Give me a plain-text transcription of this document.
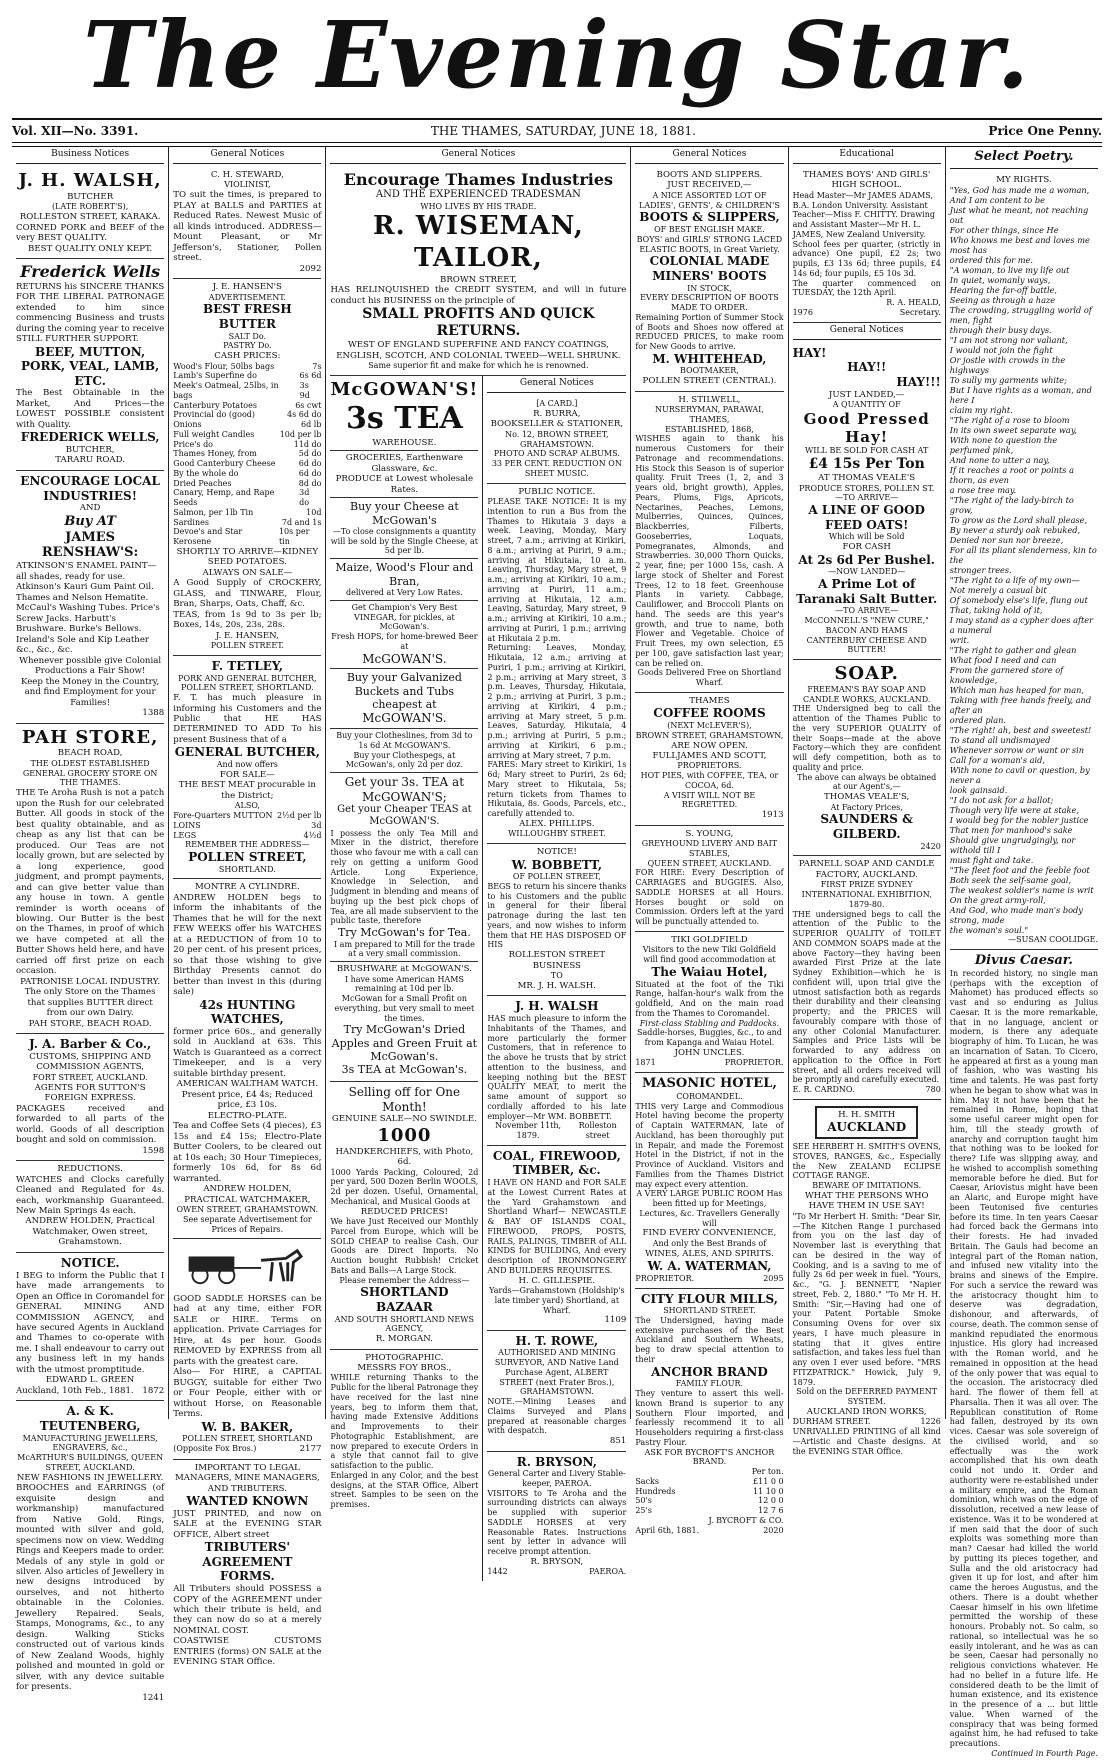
The Evening Star.
Vol. XII—No. 3391.	THE THAMES, SATURDAY, JUNE 18, 1881.	Price One Penny.
Business Notices
J. H. WALSH,
BUTCHER
(LATE ROBERT'S),
ROLLESTON STREET, KARAKA.
CORNED PORK and BEEF of the very BEST QUALITY.
BEST QUALITY ONLY KEPT.
Frederick Wells
RETURNS his SINCERE THANKS FOR THE LIBERAL PATRONAGE extended to him since commencing Business and trusts during the coming year to receive STILL FURTHER SUPPORT.
BEEF, MUTTON, PORK, VEAL, LAMB, ETC.
The Best Obtainable in the Market, And Prices—the LOWEST POSSIBLE consistent with Quality.
FREDERICK WELLS,
BUTCHER,
TARARU ROAD.
ENCOURAGE LOCAL INDUSTRIES!
AND
Buy AT
JAMES RENSHAW'S:
ATKINSON'S ENAMEL PAINT—all shades, ready for use. Atkinson's Kauri Gum Paint Oil. Thames and Nelson Hematite. McCaul's Washing Tubes. Price's Screw Jacks. Harbutt's Brushware. Burke's Bellows. Ireland's Sole and Kip Leather &c., &c., &c.
Whenever possible give Colonial Productions a Fair Show!
Keep the Money in the Country, and find Employment for your Families!
1388
PAH STORE,
BEACH ROAD,
THE OLDEST ESTABLISHED GENERAL GROCERY STORE ON THE THAMES.
THE Te Aroha Rush is not a patch upon the Rush for our celebrated Butter. All goods in stock of the best quality obtainable, and as cheap as any list that can be produced. Our Teas are not locally grown, but are selected by a long experience, good judgment, and prompt payments, and can give better value than any house in town. A gentle reminder is worth oceans of blowing. Our Butter is the best on the Thames, in proof of which we have competed at all the Butter Shows held here, and have carried off first prize on each occasion.
PATRONISE LOCAL INDUSTRY.
The only Store on the Thames that supplies BUTTER direct from our own Dairy.
PAH STORE, BEACH ROAD.
J. A. Barber & Co.,
CUSTOMS, SHIPPING AND COMMISSION AGENTS,
FORT STREET, AUCKLAND.
AGENTS FOR SUTTON'S FOREIGN EXPRESS.
PACKAGES received and forwarded to all parts of the world. Goods of all description bought and sold on commission.
1598
REDUCTIONS.
WATCHES and Clocks carefully Cleaned and Regulated for 4s. each, workmanship Guaranteed. New Main Springs 4s each.
ANDREW HOLDEN, Practical Watchmaker, Owen street, Grahamstown.
NOTICE.
I BEG to inform the Public that I have made arrangements to Open an Office in Coromandel for GENERAL MINING AND COMMISSION AGENCY, and have secured Agents in Auckland and Thames to co-operate with me. I shall endeavour to carry out any business left in my hands with the utmost promptitude.
EDWARD L. GREEN
Auckland, 10th Feb., 1881. 1872
A. & K. TEUTENBERG,
MANUFACTURING JEWELLERS, ENGRAVERS, &c.,
McARTHUR'S BUILDINGS, QUEEN STREET, AUCKLAND.
NEW FASHIONS IN JEWELLERY.
BROOCHES and EARRINGS (of exquisite design and workmanship) manufactured from Native Gold. Rings, mounted with silver and gold, specimens now on view. Wedding Rings and Keepers made to order. Medals of any style in gold or silver. Also articles of Jewellery in new designs introduced by ourselves, and not hitherto obtainable in the Colonies. Jewellery Repaired. Seals, Stamps, Monograms, &c., to any design. Walking Sticks constructed out of various kinds of New Zealand Woods, highly polished and mounted in gold or silver, with any device suitable for presents.
1241
General Notices
C. H. STEWARD,
VIOLINIST,
TO suit the times, is prepared to PLAY at BALLS and PARTIES at Reduced Rates. Newest Music of all kinds introduced. ADDRESS—Mount Pleasant, or Mr Jefferson's, Stationer, Pollen street.
2092
J. E. HANSEN'S
ADVERTISEMENT.
BEST FRESH BUTTER
SALT Do.
PASTRY Do.
CASH PRICES:
Wood's Flour, 50lbs bags	7s
Lamb's Superfine do	6s 6d
Meek's Oatmeal, 25lbs, in bags
3s 9d
Canterbury Potatoes	6s cwt
Provincial do (good)	4s 6d do
Onions	6d lb
Full weight Candles	10d per lb
Price's do	11d do
Thames Honey, from	5d do
Good Canterbury Cheese	6d do
By the whole do	6d do
Dried Peaches	8d do
Canary, Hemp, and Rape Seeds
3d do
Salmon, per 1lb Tin	10d
Sardines	7d and 1s
Devoe's and Star Kerosene
10s per tin
SHORTLY TO ARRIVE—KIDNEY SEED POTATOES.
ALWAYS ON SALE—
A Good Supply of CROCKERY, GLASS, and TINWARE, Flour, Bran, Sharps, Oats, Chaff, &c.
TEAS, from 1s 9d to 3s per lb; Boxes, 14s, 20s, 23s, 28s.
J. E. HANSEN,
POLLEN STREET.
F. TETLEY,
PORK AND GENERAL BUTCHER,
POLLEN STREET, SHORTLAND.
F. T. has much pleasure in informing his Customers and the Public that HE HAS DETERMINED TO ADD To his present Business that of a
GENERAL BUTCHER,
And now offers
FOR SALE—
THE BEST MEAT procurable in the District;
ALSO,
Fore-Quarters MUTTON 2½d per lb
LOINS	3d
LEGS	4½d
REMEMBER THE ADDRESS—
POLLEN STREET,
SHORTLAND.
MONTRE A CYLINDRE.
ANDREW HOLDEN begs to inform the inhabitants of the Thames that he will for the next FEW WEEKS offer his WATCHES at a REDUCTION of from 10 to 20 per cent. of his present prices, so that those wishing to give Birthday Presents cannot do better than invest in this (during sale)
42s HUNTING WATCHES,
former price 60s., and generally sold in Auckland at 63s. This Watch is Guaranteed as a correct Timekeeper, and is a very suitable birthday present.
AMERICAN WALTHAM WATCH.
Present price, £4 4s; Reduced price, £3 10s.
ELECTRO-PLATE.
Tea and Coffee Sets (4 pieces), £3 15s and £4 15s; Electro-Plate Butter Coolers, to be cleared out at 10s each; 30 Hour Timepieces, formerly 10s 6d, for 8s 6d warranted.
ANDREW HOLDEN,
PRACTICAL WATCHMAKER,
OWEN STREET, GRAHAMSTOWN.
See separate Advertisement for Prices of Repairs.
GOOD SADDLE HORSES can be had at any time, either FOR SALE or HIRE. Terms on application. Private Carriages for Hire, at 4s per hour. Goods REMOVED by EXPRESS from all parts with the greatest care.
Also— For HIRE, a CAPITAL BUGGY, suitable for either Two or Four People, either with or without Horse, on Reasonable Terms.
W. B. BAKER,
POLLEN STREET, SHORTLAND
(Opposite Fox Bros.)	2177
IMPORTANT TO LEGAL MANAGERS, MINE MANAGERS, AND TRIBUTERS.
WANTED KNOWN
JUST PRINTED, and now on SALE at the EVENING STAR OFFICE, Albert street
TRIBUTERS' AGREEMENT FORMS.
All Tributers should POSSESS a COPY of the AGREEMENT under which their tribute is held, and they can now do so at a merely NOMINAL COST.
COASTWISE CUSTOMS ENTRIES (forms) ON SALE at the EVENING STAR Office.
General Notices
Encourage Thames Industries
AND THE EXPERIENCED TRADESMAN
WHO LIVES BY HIS TRADE.
R. WISEMAN, TAILOR,
BROWN STREET,
HAS RELINQUISHED the CREDIT SYSTEM, and will in future conduct his BUSINESS on the principle of
SMALL PROFITS AND QUICK RETURNS.
WEST OF ENGLAND SUPERFINE AND FANCY COATINGS, ENGLISH, SCOTCH, AND COLONIAL TWEED—WELL SHRUNK.
Same superior fit and make for which he is renowned.
McGOWAN'S!
3s TEA
WAREHOUSE.
GROCERIES, Earthenware Glassware, &c.
PRODUCE at Lowest wholesale Rates.
Buy your Cheese at McGowan's
—To close consignments a quantity will be sold by the Single Cheese, at 5d per lb.
Maize, Wood's Flour and Bran,
delivered at Very Low Rates.
Get Champion's Very Best VINEGAR, for pickles, at McGowan's.
Fresh HOPS, for home-brewed Beer at
McGOWAN'S.
Buy your Galvanized Buckets and Tubs cheapest at
McGOWAN'S.
Buy your Clotheslines, from 3d to 1s 6d At McGOWAN'S.
Buy your Clothespegs, at McGowan's, only 2d per doz.
Get your 3s. TEA at McGOWAN'S;
Get your Cheaper TEAS at McGOWAN'S.
I possess the only Tea Mill and Mixer in the district, therefore those who favour me with a call can rely on getting a uniform Good Article. Long Experience, Knowledge in Selection, and Judgment in blending and means of buying up the best pick chops of Tea, are all made subservient to the public taste, therefore
Try McGowan's for Tea.
I am prepared to Mill for the trade at a very small commission.
BRUSHWARE at McGOWAN'S.
I have some American HAMS remaining at 10d per lb.
McGowan for a Small Profit on everything, but very small to meet the times.
Try McGowan's Dried Apples and Green Fruit at McGowan's.
3s TEA at McGowan's.
Selling off for One Month!
GENUINE SALE—NO SWINDLE.
1000
HANDKERCHIEFS, with Photo, 6d.
1000 Yards Packing, Coloured, 2d per yard, 500 Dozen Berlin WOOLS, 2d per dozen. Useful, Ornamental, Mechanical, and Musical Goods at
REDUCED PRICES!
We have Just Received our Monthly Parcel from Europe, which will be SOLD CHEAP to realise Cash. Our Goods are Direct Imports. No Auction bought Rubbish! Cricket Bats and Balls—A Large Stock.
Please remember the Address—
SHORTLAND BAZAAR
AND SOUTH SHORTLAND NEWS AGENCY,
R. MORGAN.
PHOTOGRAPHIC.
MESSRS FOY BROS.,
WHILE returning Thanks to the Public for the liberal Patronage they have received for the last nine years, beg to inform them that, having made Extensive Additions and Improvements to their Photographic Establishment, are now prepared to execute Orders in a style that cannot fail to give satisfaction to the public.
Enlarged in any Color, and the best designs, at the STAR Office, Albert street. Samples to be seen on the premises.
General Notices
[A CARD.]
R. BURRA,
BOOKSELLER & STATIONER,
No. 12, BROWN STREET,
GRAHAMSTOWN.
PHOTO AND SCRAP ALBUMS.
33 PER CENT. REDUCTION ON SHEET MUSIC.
PUBLIC NOTICE.
PLEASE TAKE NOTICE: It is my intention to run a Bus from the Thames to Hikutaia 3 days a week. Leaving, Monday, Mary street, 7 a.m.; arriving at Kirikiri, 8 a.m.; arriving at Puriri, 9 a.m.; arriving at Hikutaia, 10 a.m. Leaving, Thursday, Mary street, 9 a.m.; arriving at Kirikiri, 10 a.m.; arriving at Puriri, 11 a.m.; arriving at Hikutaia, 12 a.m. Leaving, Saturday, Mary street, 9 a.m.; arriving at Kirikiri, 10 a.m.; arriving at Puriri, 1 p.m.; arriving at Hikutaia 2 p.m.
Returning: Leaves, Monday, Hikutaia, 12 a.m.; arriving at Puriri, 1 p.m.; arriving at Kirikiri, 2 p.m.; arriving at Mary street, 3 p.m. Leaves, Thursday, Hikutaia, 2 p.m.; arriving at Puriri, 3 p.m.; arriving at Kirikiri, 4 p.m.; arriving at Mary street, 5 p.m. Leaves, Saturday, Hikutaia, 4 p.m.; arriving at Puriri, 5 p.m.; arriving at Kirikiri, 6 p.m.; arriving at Mary street, 7 p.m.
FARES: Mary street to Kirikiri, 1s 6d; Mary street to Puriri, 2s 6d; Mary street to Hikutaia, 5s; return tickets from Thames to Hikutaia, 8s. Goods, Parcels, etc., carefully attended to.
ALEX. PHILLIPS.
WILLOUGHBY STREET.
NOTICE!
W. BOBBETT,
OF POLLEN STREET,
BEGS to return his sincere thanks to his Customers and the public in general for their liberal patronage during the last ten years, and now wishes to inform them that HE HAS DISPOSED OF HIS
ROLLESTON STREET BUSINESS
TO
MR. J. H. WALSH.
J. H. WALSH
HAS much pleasure to inform the Inhabitants of the Thames, and more particularly the former Customers, that in reference to the above he trusts that by strict attention to the business, and keeping nothing but the BEST QUALITY MEAT, to merit the same amount of support so cordially afforded to his late employer—Mr WM. BOBBETT.
November 11th, 1879.
Rolleston street
COAL, FIREWOOD, TIMBER, &c.
I HAVE ON HAND and FOR SALE at the Lowest Current Rates at the Yard Grahamstown and Shortland Wharf— NEWCASTLE & BAY OF ISLANDS COAL, FIREWOOD, PROPS, POSTS, RAILS, PALINGS, TIMBER of ALL KINDS for BUILDING, And every description of IRONMONGERY AND BUILDERS REQUISITES.
H. C. GILLESPIE.
Yards—Grahamstown (Holdship's late timber yard) Shortland, at Wharf.
1109
H. T. ROWE,
AUTHORISED AND MINING SURVEYOR, AND Native Land Purchase Agent, ALBERT STREET (next Frater Bros.), GRAHAMSTOWN.
NOTE.—Mining Leases and Claims Surveyed and Plans prepared at reasonable charges with despatch.
851
R. BRYSON,
General Carter and Livery Stable-keeper, PAEROA.
VISITORS to Te Aroha and the surrounding districts can always be supplied with superior SADDLE HORSES at very Reasonable Rates. Instructions sent by letter in advance will receive prompt attention.
R. BRYSON,
1442	PAEROA.
General Notices
BOOTS AND SLIPPERS.
JUST RECEIVED,—
A NICE ASSORTED LOT OF LADIES', GENTS', & CHILDREN'S
BOOTS & SLIPPERS,
OF BEST ENGLISH MAKE.
BOYS' and GIRLS' STRONG LACED ELASTIC BOOTS, in Great Variety.
COLONIAL MADE MINERS' BOOTS
IN STOCK,
EVERY DESCRIPTION OF BOOTS MADE TO ORDER.
Remaining Portion of Summer Stock of Boots and Shoes now offered at REDUCED PRICES, to make room for New Goods to arrive.
M. WHITEHEAD,
BOOTMAKER,
POLLEN STREET (CENTRAL).
H. STILWELL,
NURSERYMAN, PARAWAI, THAMES,
ESTABLISHED, 1868,
WISHES again to thank his numerous Customers for their Patronage and recommendations. His Stock this Season is of superior quality. Fruit Trees (1, 2, and 3 years old, bright growth), Apples, Pears, Plums, Figs, Apricots, Nectarines, Peaches, Lemons, Mulberries, Quinces, Quinces, Blackberries, Filberts, Gooseberries, Loquats, Pomegranates, Almonds, and Strawberries. 30,000 Thorn Quicks, 2 year, fine; per 1000 15s, cash. A large stock of Shelter and Forest Trees, 12 to 18 feet. Greenhouse Plants in variety. Cabbage, Cauliflower, and Broccoli Plants on hand. The seeds are this year's growth, and true to name, both Flower and Vegetable. Choice of Fruit Trees, my own selection, £5 per 100, gave satisfaction last year; can be relied on.
Goods Delivered Free on Shortland Wharf.
THAMES
COFFEE ROOMS
(NEXT McLEVER'S),
BROWN STREET, GRAHAMSTOWN,
ARE NOW OPEN.
FULLJAMES AND SCOTT,
PROPRIETORS.
HOT PIES, with COFFEE, TEA, or COCOA, 6d.
A VISIT WILL NOT BE REGRETTED.
1913
S. YOUNG,
GREYHOUND LIVERY AND BAIT STABLES,
QUEEN STREET, AUCKLAND.
FOR HIRE: Every Description of CARRIAGES and BUGGIES. Also, SADDLE HORSES at all Hours. Horses bought or sold on Commission. Orders left at the yard will be punctually attended to.
TIKI GOLDFIELD
Visitors to the new Tiki Goldfield will find good accommodation at
The Waiau Hotel,
Situated at the foot of the Tiki Range, halfan-hour's walk from the goldfield, And on the main road from the Thames to Coromandel.
First-class Stabling and Paddocks.
Saddle-horses, Buggies, &c., to and from Kapanga and Waiau Hotel.
JOHN UNCLES.
1871	PROPRIETOR.
MASONIC HOTEL,
COROMANDEL.
THIS very Large and Commodious Hotel having become the property of Captain WATERMAN, late of Auckland, has been thoroughly put in Repair, and made the Foremost Hotel in the District, if not in the Province of Auckland. Visitors and Families from the Thames District may expect every attention.
A VERY LARGE PUBLIC ROOM Has been fitted up for Meetings, Lectures, &c. Travellers Generally will
FIND EVERY CONVENIENCE,
And only the Best Brands of
WINES, ALES, AND SPIRITS.
W. A. WATERMAN,
PROPRIETOR.	2095
CITY FLOUR MILLS,
SHORTLAND STREET.
The Undersigned, having made extensive purchases of the Best Auckland and Southern Wheats, beg to draw special attention to their
ANCHOR BRAND
FAMILY FLOUR.
They venture to assert this well-known Brand is superior to any Southern Flour imported, and fearlessly recommend it to all Householders requiring a first-class Pastry Flour.
ASK FOR BYCROFT'S ANCHOR BRAND.
Per ton.
Sacks	£11 0 0
Hundreds	11 10 0
50's	12 0 0
25's	12 7 6
J. BYCROFT & CO.
April 6th, 1881.	2020
Educational
THAMES BOYS' AND GIRLS' HIGH SCHOOL.
Head Master—Mr JAMES ADAMS, B.A. London University. Assistant Teacher—Miss F. CHITTY. Drawing and Assistant Master—Mr H. L. JAMES, New Zealand University.
School fees per quarter, (strictly in advance) One pupil, £2 2s; two pupils, £3 13s 6d; three pupils, £4 14s 6d; four pupils, £5 10s 3d.
The quarter commenced on TUESDAY, the 12th April.
R. A. HEALD,
1976	Secretary.
General Notices
HAY!
HAY!!
HAY!!!
JUST LANDED,—
A QUANTITY OF
Good Pressed Hay!
WILL BE SOLD FOR CASH AT
£4 15s Per Ton
AT THOMAS VEALE'S
PRODUCE STORES, POLLEN ST.
—TO ARRIVE—
A LINE OF GOOD FEED OATS!
Which will be Sold
FOR CASH
At 2s 6d Per Bushel.
—NOW LANDED—
A Prime Lot of Taranaki Salt Butter.
—TO ARRIVE—
McCONNELL'S "NEW CURE," BACON AND HAMS
CANTERBURY CHEESE AND BUTTER!
SOAP.
FREEMAN'S BAY SOAP AND CANDLE WORKS, AUCKLAND.
THE Undersigned beg to call the attention of the Thames Public to the very SUPERIOR QUALITY of their Soaps—made at the above Factory—which they are confident will defy competition, both as to quality and price.
The above can always be obtained at our Agent's,—
THOMAS VEALE'S,
At Factory Prices,
SAUNDERS & GILBERD.
2420
PARNELL SOAP AND CANDLE FACTORY, AUCKLAND.
FIRST PRIZE SYDNEY INTERNATIONAL EXHIBITION, 1879-80.
THE undersigned begs to call the attention of the Public to the SUPERIOR QUALITY of TOILET AND COMMON SOAPS made at the above Factory—they having been awarded First Prize at the late Sydney Exhibition—which he is confident will, upon trial give the utmost satisfaction both as regards their durability and their cleansing property; and the PRICES will favourably compare with those of any other Colonial Manufacturer. Samples and Price Lists will be forwarded to any address on application to the Office in Fort street, and all orders received will be promptly and carefully executed.
E. R. CARDNO.	780
H. H. SMITH
AUCKLAND
SEE HERBERT H. SMITH'S OVENS, STOVES, RANGES, &c., Especially the New ZEALAND ECLIPSE COTTAGE RANGE.
BEWARE OF IMITATIONS.
WHAT THE PERSONS WHO HAVE THEM IN USE SAY!
"To Mr Herbert H. Smith: "Dear Sir,—The Kitchen Range I purchased from you on the last day of November last is everything that can be desired in the way of Cooking, and is a saving to me of fully 2s 6d per week in fuel. "Yours, &c., "G. J. BENNETT, "Napier street, Feb. 2, 1880." "To Mr H. H. Smith: "Sir,—Having had one of your Patent Portable Smoke Consuming Ovens for over six years, I have much pleasure in stating that it gives entire satisfaction, and takes less fuel than any oven I ever used before. "MRS FITZPATRICK." Howick, July 9, 1879.
Sold on the DEFERRED PAYMENT SYSTEM.
AUCKLAND IRON WORKS,
DURHAM STREET.	1226
UNRIVALLED PRINTING of all kind—Artistic and Chaste designs. At the EVENING STAR Office.
Select Poetry.
MY RIGHTS.
"Yes, God has made me a woman,
And I am content to be
Just what he meant, not reaching out
For other things, since He
Who knows me best and loves me most has
ordered this for me.
"A woman, to live my life out
In quiet, womanly ways,
Hearing the far-off battle,
Seeing as through a haze
The crowding, struggling world of men, fight
through their busy days.
"I am not strong nor valiant,
I would not join the fight
Or jostle with crowds in the highways
To sully my garments white;
But I have rights as a woman, and here I
claim my right.
"The right of a rose to bloom
In its own sweet separate way,
With none to question the perfumed pink,
And none to utter a nay,
If it reaches a root or points a thorn, as even
a rose tree may.
"The right of the lady-birch to grow,
To grow as the Lord shall please,
By never a sturdy oak rebuked,
Denied nor sun nor breeze,
For all its pliant slenderness, kin to the
stronger trees.
"The right to a life of my own—
Not merely a casual bit
Of somebody else's life, flung out
That, taking hold of it,
I may stand as a cypher does after a numeral
writ.
"The right to gather and glean
What food I need and can
From the garnered store of knowledge,
Which man has heaped for man,
Taking with free hands freely, and after an
ordered plan.
"The right! ah, best and sweetest!
To stand all undismayed
Whenever sorrow or want or sin
Call for a woman's aid,
With none to cavil or question, by never a
look gainsaid.
"I do not ask for a ballot;
Though very life were at stake,
I would beg for the nobler justice
That men for manhood's sake
Should give ungrudgingly, nor withold till I
must fight and take.
"The fleet foot and the feeble foot
Both seek the self-same goal,
The weakest soldier's name is writ
On the great army-roll,
And God, who made man's body strong, made
the woman's soul."
—SUSAN COOLIDGE.
Divus Caesar.
In recorded history, no single man (perhaps with the exception of Mahomet) has produced effects so vast and so enduring as Julius Caesar. It is the more remarkable, that in no language, ancient or modern, is there any adequate biography of him. To Lucan, he was an incarnation of Satan. To Cicero, he appeared at first as a young man of fashion, who was wasting his time and talents. He was past forty when he began to show what was in him. May it not have been that he remained in Rome, hoping that some useful career might open for him, till the steady growth of anarchy and corruption taught him that nothing was to be looked for there? Life was slipping away, and he wished to accomplish something memorable before he died. But for Caesar, Ariovistus might have been an Alaric, and Europe might have been Teutonised five centuries before its time. In ten years Caesar had forced back the Germans into their forests. He had invaded Britain. The Gauls had become an integral part of the Roman nation, and infused new vitality into the brains and sinews of the Empire. For such a service the reward was the aristocracy thought him to deserve was degradation, dishonour, and afterwards, of course, death. The common sense of mankind repudiated the enormous injustice. His glory had increased with the Roman world, and he remained in opposition at the head of the only power that was equal to the occasion. The aristocracy died hard. The flower of them fell at Pharsalia. Then it was all over. The Republican constitution of Rome had fallen, destroyed by its own vices. Caesar was sole sovereign of the civilised world, and so effectually was the work accomplished that his own death could not undo it. Order and authority were re-established under a military empire, and the Roman dominion, which was on the edge of dissolution, received a new lease of existence. Was it to be wondered at if men said that the door of such exploits was something more than man? Caesar had killed the world by putting its pieces together, and Sulla and the old aristocracy had given it up for lost, and after him came the heroes Augustus, and the others. There is a doubt whether Caesar himself in his own lifetime permitted the worship of these honours. Probably not. So calm, so rational, so intellectual was he so easily intolerant, and he was as can be seen, Caesar had personally no religious convictions whatever. He had no belief in a future life. He considered death to be the limit of human existence, and its existence in the presence of a ... but little value. When warned of the conspiracy that was being formed against him, he had refused to take precautions.
Continued in Fourth Page.
